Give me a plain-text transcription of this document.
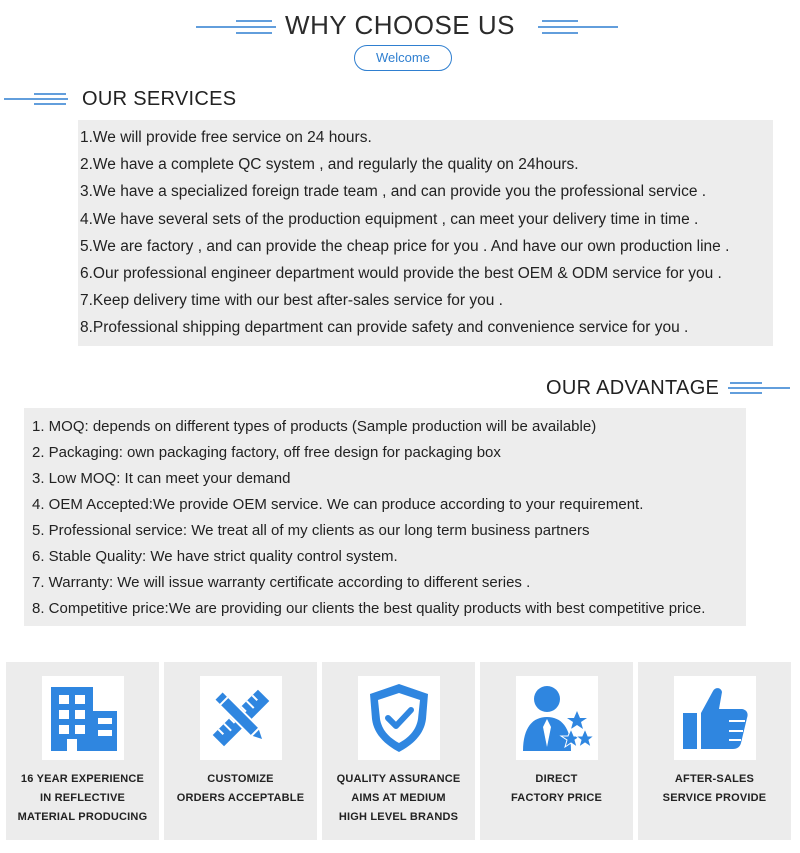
WHY CHOOSE US
Welcome
OUR SERVICES
1.We will provide free service on 24 hours.
2.We have a complete QC system , and regularly the quality on 24hours.
3.We have a specialized foreign trade team , and can provide you the professional service .
4.We have several sets of the production equipment , can meet your delivery time in time .
5.We are factory , and can provide the cheap price for you . And have our own production line .
6.Our professional engineer department would provide the best OEM & ODM service for you .
7.Keep delivery time with our best after-sales service for you .
8.Professional shipping department can provide safety and convenience service for you .
OUR ADVANTAGE
1. MOQ: depends on different types of products (Sample production will be available)
2. Packaging: own packaging factory, off free design for packaging box
3. Low MOQ: It can meet your demand
4. OEM Accepted:We provide OEM service. We can produce according to your requirement.
5. Professional service: We treat all of my clients as our long term business partners
6. Stable Quality: We have strict quality control system.
7. Warranty: We will issue warranty certificate according to different series .
8. Competitive price:We are providing our clients the best quality products with best competitive price.
16 YEAR EXPERIENCE
IN REFLECTIVE
MATERIAL PRODUCING
CUSTOMIZE
ORDERS ACCEPTABLE
QUALITY ASSURANCE
AIMS AT MEDIUM
HIGH LEVEL BRANDS
DIRECT
FACTORY PRICE
AFTER-SALES
SERVICE PROVIDE
